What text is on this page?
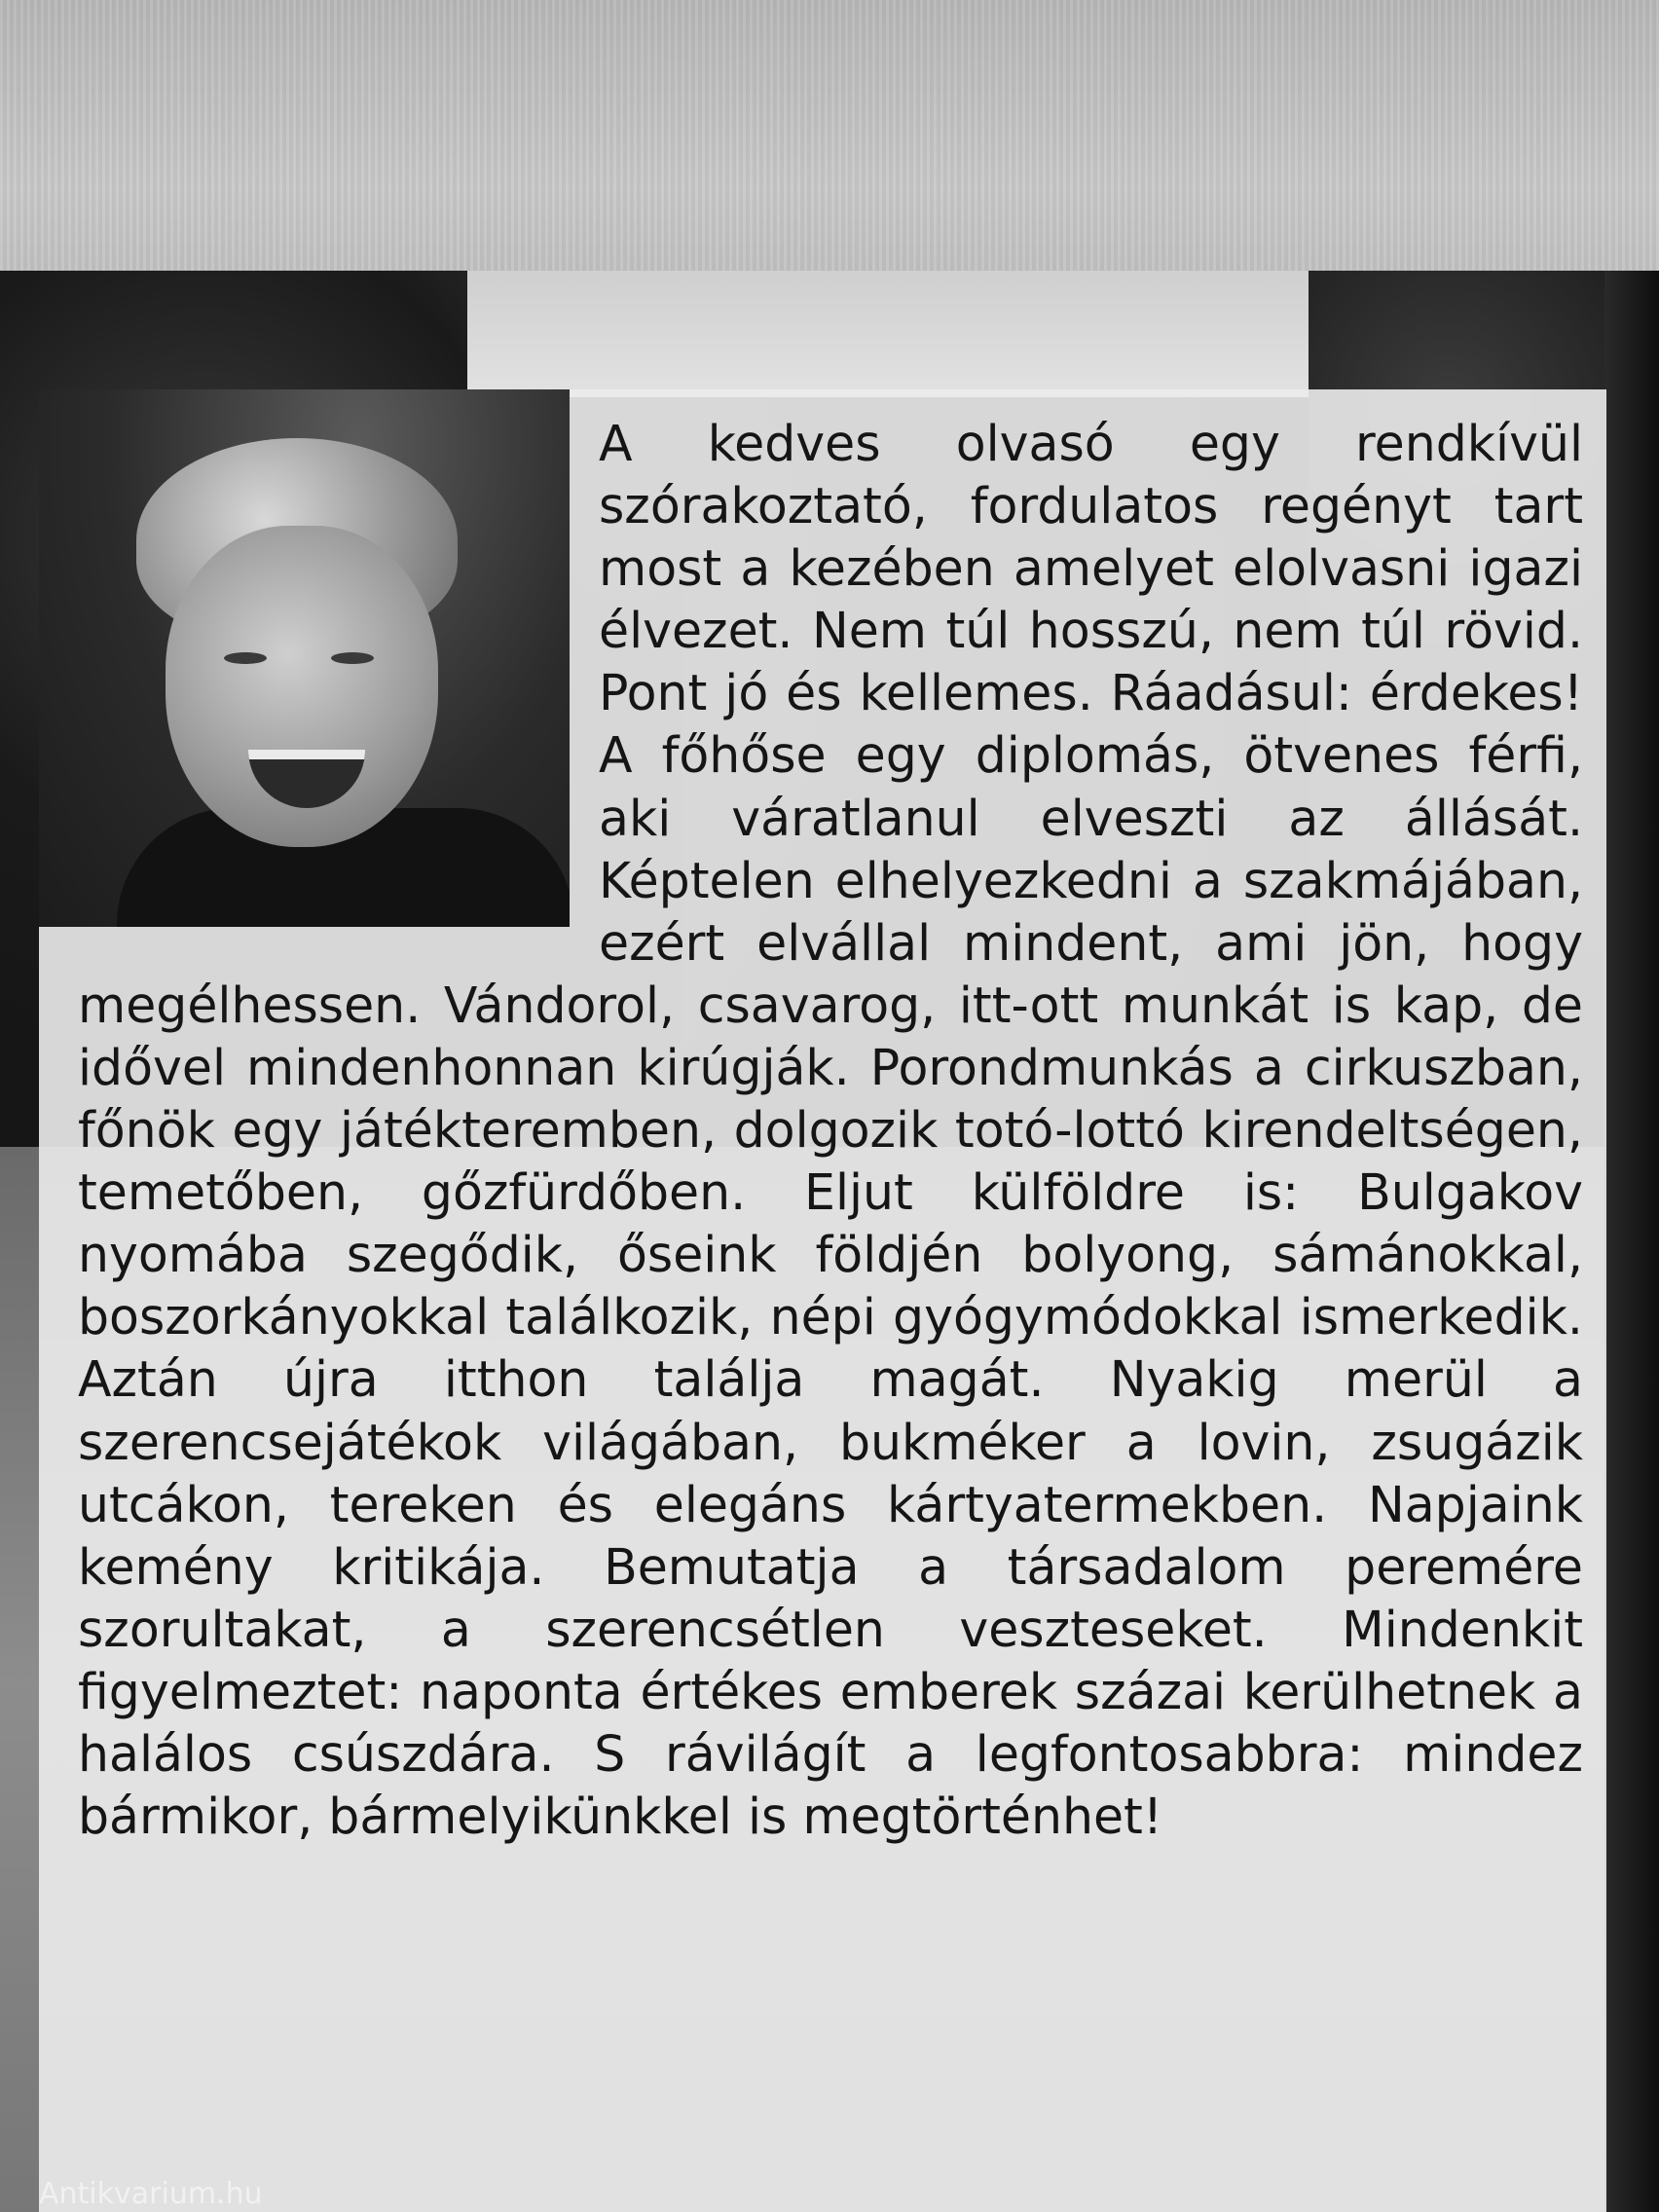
A kedves olvasó egy rendkívül szórakoztató, fordulatos regényt tart most a kezében amelyet elolvasni igazi élvezet. Nem túl hosszú, nem túl rövid. Pont jó és kellemes. Ráadásul: érdekes! A főhőse egy diplomás, ötvenes férfi, aki váratlanul elveszti az állását. Képtelen elhelyezkedni a szakmájában, ezért elvállal mindent, ami jön, hogy megélhessen. Vándorol, csavarog, itt-ott munkát is kap, de idővel mindenhonnan kirúgják. Porondmunkás a cirkuszban, főnök egy játékteremben, dolgozik totó-lottó kirendeltségen, temetőben, gőzfürdőben. Eljut külföldre is: Bulgakov nyomába szegődik, őseink földjén bolyong, sámánokkal, boszorkányokkal találkozik, népi gyógymódokkal ismerkedik. Aztán újra itthon találja magát. Nyakig merül a szerencsejátékok világában, bukméker a lovin, zsugázik utcákon, tereken és elegáns kártyatermekben. Napjaink kemény kritikája. Bemutatja a társadalom peremére szorultakat, a szerencsétlen veszteseket. Mindenkit figyelmeztet: naponta értékes emberek százai kerülhetnek a halálos csúszdára. S rávilágít a legfontosabbra: mindez bármikor, bármelyikünkkel is megtörténhet!
Antikvarium.hu
